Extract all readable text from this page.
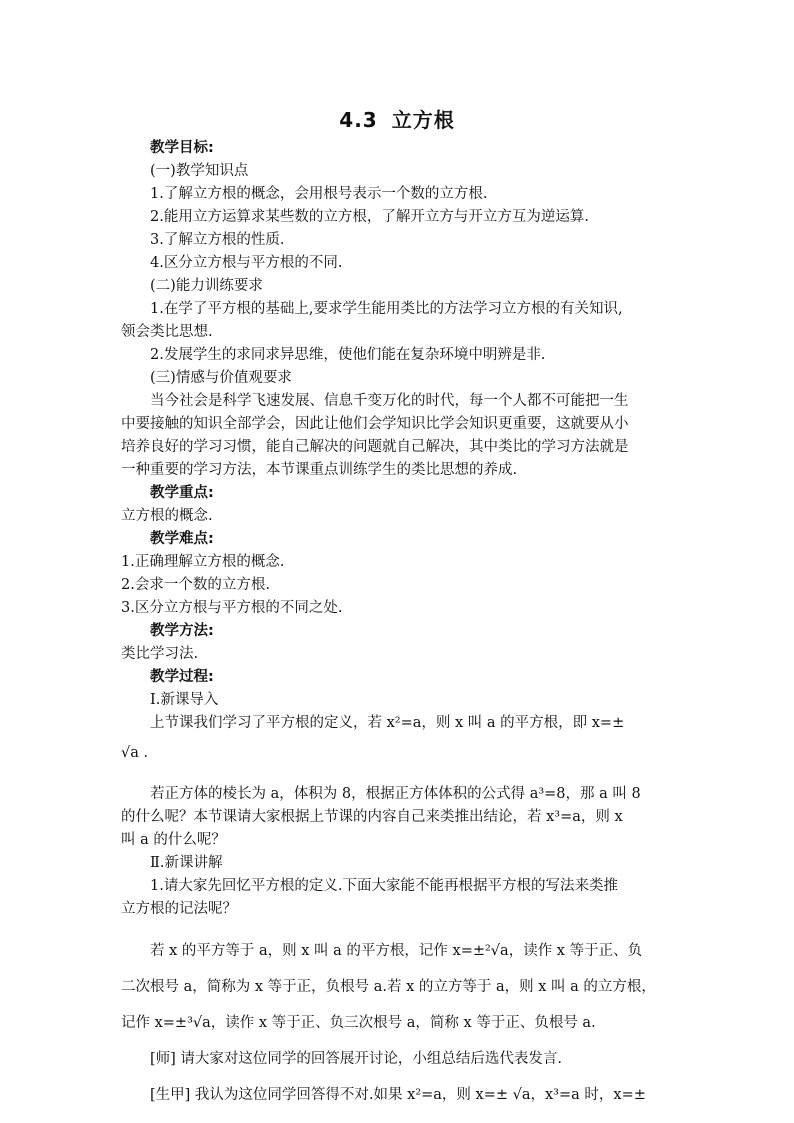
4.3 立方根
教学目标:
(一)教学知识点
1.了解立方根的概念，会用根号表示一个数的立方根.
2.能用立方运算求某些数的立方根，了解开立方与开立方互为逆运算.
3.了解立方根的性质.
4.区分立方根与平方根的不同.
(二)能力训练要求
1.在学了平方根的基础上,要求学生能用类比的方法学习立方根的有关知识,
领会类比思想.
2.发展学生的求同求异思维，使他们能在复杂环境中明辨是非.
(三)情感与价值观要求
当今社会是科学飞速发展、信息千变万化的时代，每一个人都不可能把一生
中要接触的知识全部学会，因此让他们会学知识比学会知识更重要，这就要从小
培养良好的学习习惯，能自己解决的问题就自己解决，其中类比的学习方法就是
一种重要的学习方法，本节课重点训练学生的类比思想的养成.
教学重点:
立方根的概念.
教学难点:
1.正确理解立方根的概念.
2.会求一个数的立方根.
3.区分立方根与平方根的不同之处.
教学方法:
类比学习法.
教学过程:
Ⅰ.新课导入
上节课我们学习了平方根的定义，若 x²=a，则 x 叫 a 的平方根，即 x=±
√a .
若正方体的棱长为 a，体积为 8，根据正方体体积的公式得 a³=8，那 a 叫 8
的什么呢？本节课请大家根据上节课的内容自己来类推出结论，若 x³=a，则 x
叫 a 的什么呢？
Ⅱ.新课讲解
1.请大家先回忆平方根的定义.下面大家能不能再根据平方根的写法来类推
立方根的记法呢？
若 x 的平方等于 a，则 x 叫 a 的平方根，记作 x=±²√a，读作 x 等于正、负
二次根号 a，简称为 x 等于正，负根号 a.若 x 的立方等于 a，则 x 叫 a 的立方根，
记作 x=±³√a，读作 x 等于正、负三次根号 a，简称 x 等于正、负根号 a.
[师] 请大家对这位同学的回答展开讨论，小组总结后选代表发言.
[生甲] 我认为这位同学回答得不对.如果 x²=a，则 x=± √a，x³=a 时，x=±
